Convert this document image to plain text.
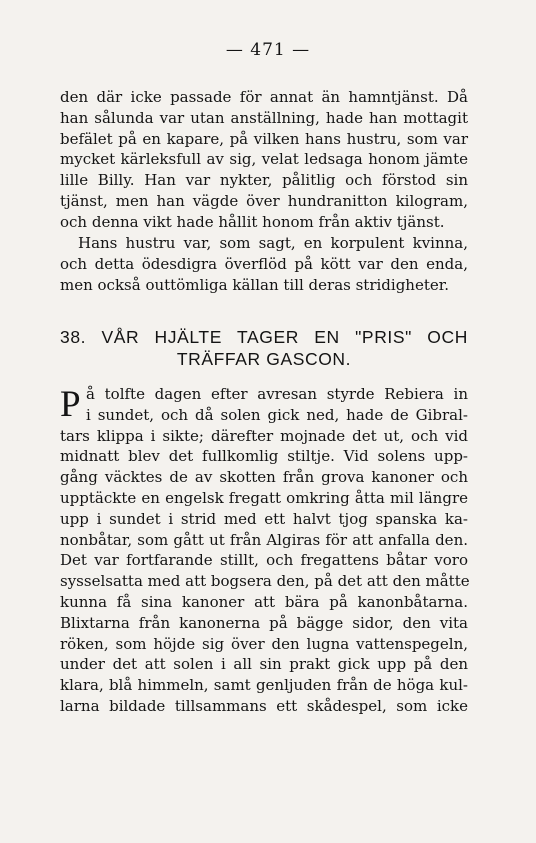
— 471 —
den där icke passade för annat än hamntjänst. Då
han sålunda var utan anställning, hade han mottagit
befälet på en kapare, på vilken hans hustru, som var
mycket kärleksfull av sig, velat ledsaga honom jämte
lille Billy. Han var nykter, pålitlig och förstod sin
tjänst, men han vägde över hundranitton kilogram,
och denna vikt hade hållit honom från aktiv tjänst.
Hans hustru var, som sagt, en korpulent kvinna,
och detta ödesdigra överflöd på kött var den enda,
men också outtömliga källan till deras stridigheter.
38. VÅR HJÄLTE TAGER EN "PRIS" OCH
TRÄFFAR GASCON.
P å tolfte dagen efter avresan styrde Rebiera in
i sundet, och då solen gick ned, hade de Gibral-
tars klippa i sikte; därefter mojnade det ut, och vid
midnatt blev det fullkomlig stiltje. Vid solens upp-
gång väcktes de av skotten från grova kanoner och
upptäckte en engelsk fregatt omkring åtta mil längre
upp i sundet i strid med ett halvt tjog spanska ka-
nonbåtar, som gått ut från Algiras för att anfalla den.
Det var fortfarande stillt, och fregattens båtar voro
sysselsatta med att bogsera den, på det att den måtte
kunna få sina kanoner att bära på kanonbåtarna.
Blixtarna från kanonerna på bägge sidor, den vita
röken, som höjde sig över den lugna vattenspegeln,
under det att solen i all sin prakt gick upp på den
klara, blå himmeln, samt genljuden från de höga kul-
larna bildade tillsammans ett skådespel, som icke
